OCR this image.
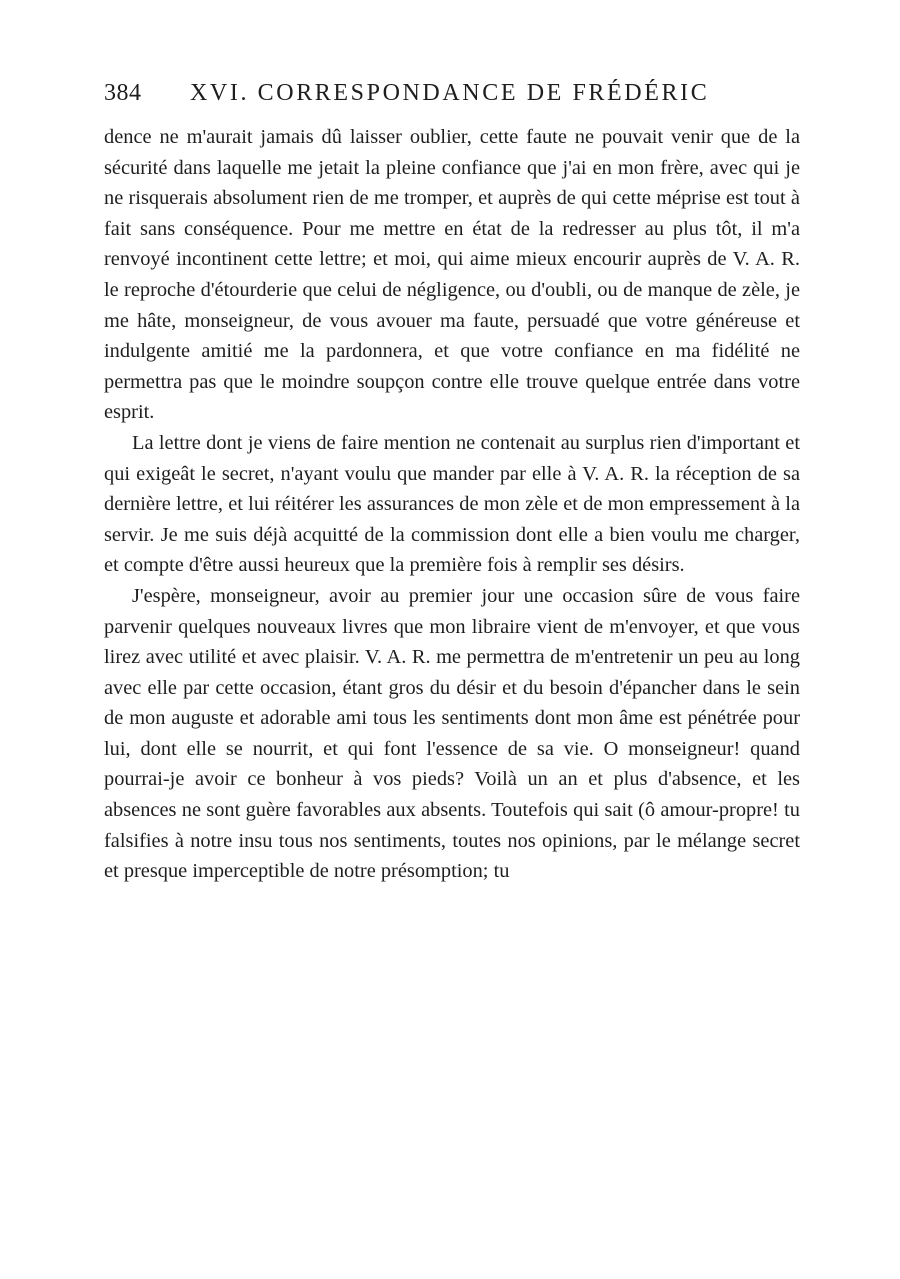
384	XVI. CORRESPONDANCE DE FRÉDÉRIC

dence ne m'aurait jamais dû laisser oublier, cette faute ne pouvait venir que de la sécurité dans laquelle me jetait la pleine confiance que j'ai en mon frère, avec qui je ne risquerais absolument rien de me tromper, et auprès de qui cette méprise est tout à fait sans conséquence. Pour me mettre en état de la redresser au plus tôt, il m'a renvoyé incontinent cette lettre; et moi, qui aime mieux encourir auprès de V. A. R. le reproche d'étourderie que celui de négligence, ou d'oubli, ou de manque de zèle, je me hâte, monseigneur, de vous avouer ma faute, persuadé que votre généreuse et indulgente amitié me la pardonnera, et que votre confiance en ma fidélité ne permettra pas que le moindre soupçon contre elle trouve quelque entrée dans votre esprit.

La lettre dont je viens de faire mention ne contenait au surplus rien d'important et qui exigeât le secret, n'ayant voulu que mander par elle à V. A. R. la réception de sa dernière lettre, et lui réitérer les assurances de mon zèle et de mon empressement à la servir. Je me suis déjà acquitté de la commission dont elle a bien voulu me charger, et compte d'être aussi heureux que la première fois à remplir ses désirs.

J'espère, monseigneur, avoir au premier jour une occasion sûre de vous faire parvenir quelques nouveaux livres que mon libraire vient de m'envoyer, et que vous lirez avec utilité et avec plaisir. V. A. R. me permettra de m'entretenir un peu au long avec elle par cette occasion, étant gros du désir et du besoin d'épancher dans le sein de mon auguste et adorable ami tous les sentiments dont mon âme est pénétrée pour lui, dont elle se nourrit, et qui font l'essence de sa vie. O monseigneur! quand pourrai-je avoir ce bonheur à vos pieds? Voilà un an et plus d'absence, et les absences ne sont guère favorables aux absents. Toutefois qui sait (ô amour-propre! tu falsifies à notre insu tous nos sentiments, toutes nos opinions, par le mélange secret et presque imperceptible de notre présomption; tu
